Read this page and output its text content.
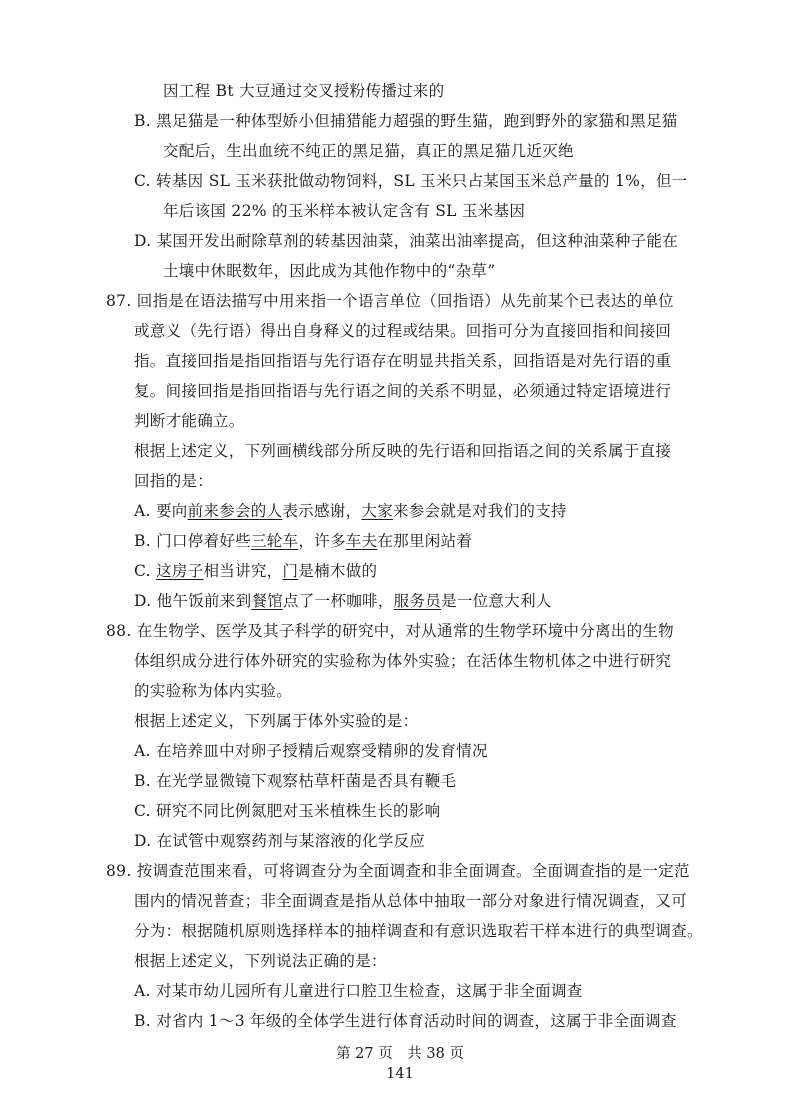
因工程 Bt 大豆通过交叉授粉传播过来的
B. 黑足猫是一种体型娇小但捕猎能力超强的野生猫，跑到野外的家猫和黑足猫
交配后，生出血统不纯正的黑足猫，真正的黑足猫几近灭绝
C. 转基因 SL 玉米获批做动物饲料，SL 玉米只占某国玉米总产量的 1%，但一
年后该国 22% 的玉米样本被认定含有 SL 玉米基因
D. 某国开发出耐除草剂的转基因油菜，油菜出油率提高，但这种油菜种子能在
土壤中休眠数年，因此成为其他作物中的“杂草”
87. 回指是在语法描写中用来指一个语言单位（回指语）从先前某个已表达的单位
或意义（先行语）得出自身释义的过程或结果。回指可分为直接回指和间接回
指。直接回指是指回指语与先行语存在明显共指关系，回指语是对先行语的重
复。间接回指是指回指语与先行语之间的关系不明显，必须通过特定语境进行
判断才能确立。
根据上述定义，下列画横线部分所反映的先行语和回指语之间的关系属于直接
回指的是：
A. 要向前来参会的人表示感谢，大家来参会就是对我们的支持
B. 门口停着好些三轮车，许多车夫在那里闲站着
C. 这房子相当讲究，门是楠木做的
D. 他午饭前来到餐馆点了一杯咖啡，服务员是一位意大利人
88. 在生物学、医学及其子科学的研究中，对从通常的生物学环境中分离出的生物
体组织成分进行体外研究的实验称为体外实验；在活体生物机体之中进行研究
的实验称为体内实验。
根据上述定义，下列属于体外实验的是：
A. 在培养皿中对卵子授精后观察受精卵的发育情况
B. 在光学显微镜下观察枯草杆菌是否具有鞭毛
C. 研究不同比例氮肥对玉米植株生长的影响
D. 在试管中观察药剂与某溶液的化学反应
89. 按调查范围来看，可将调查分为全面调查和非全面调查。全面调查指的是一定范
围内的情况普查；非全面调查是指从总体中抽取一部分对象进行情况调查，又可
分为：根据随机原则选择样本的抽样调查和有意识选取若干样本进行的典型调查。
根据上述定义，下列说法正确的是：
A. 对某市幼儿园所有儿童进行口腔卫生检查，这属于非全面调查
B. 对省内 1～3 年级的全体学生进行体育活动时间的调查，这属于非全面调查
第 27 页　共 38 页
141
